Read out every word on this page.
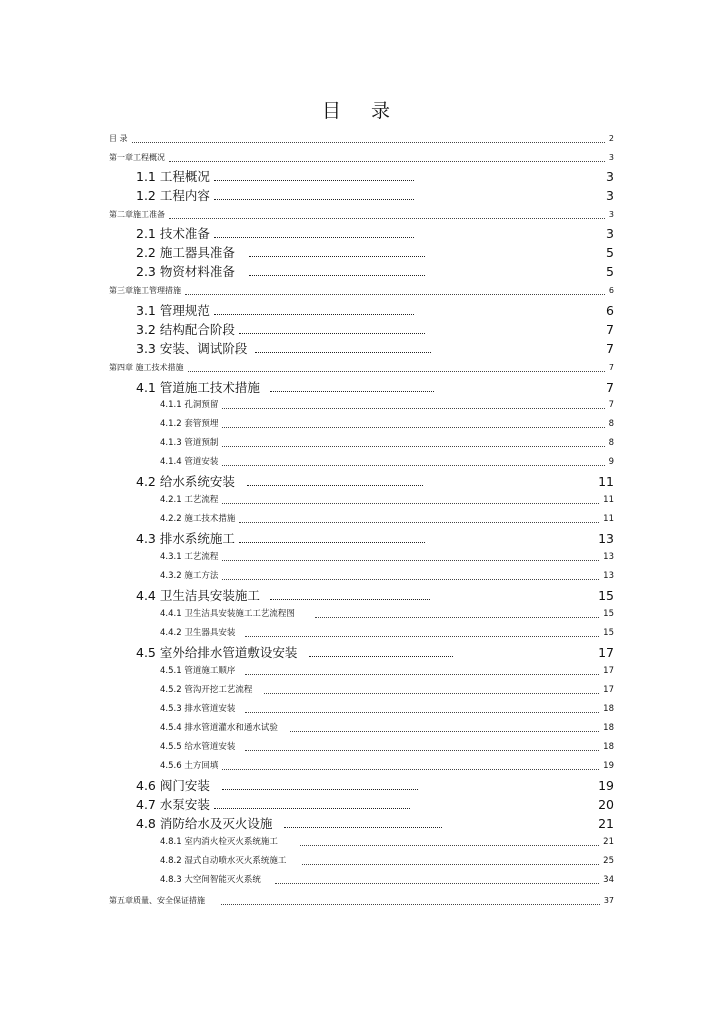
目 录
目 录	2
第一章工程概况	3
1.1 工程概况	3
1.2 工程内容	3
第二章施工准备	3
2.1 技术准备	3
2.2 施工器具准备	5
2.3 物资材料准备	5
第三章施工管理措施	6
3.1 管理规范	6
3.2 结构配合阶段	7
3.3 安装、调试阶段	7
第四章 施工技术措施	7
4.1 管道施工技术措施	7
4.1.1 孔洞预留	7
4.1.2 套管预埋	8
4.1.3 管道预制	8
4.1.4 管道安装	9
4.2 给水系统安装	11
4.2.1 工艺流程	11
4.2.2 施工技术措施	11
4.3 排水系统施工	13
4.3.1 工艺流程	13
4.3.2 施工方法	13
4.4 卫生洁具安装施工	15
4.4.1 卫生洁具安装施工工艺流程图	15
4.4.2 卫生器具安装	15
4.5 室外给排水管道敷设安装	17
4.5.1 管道施工顺序	17
4.5.2 管沟开挖工艺流程	17
4.5.3 排水管道安装	18
4.5.4 排水管道灌水和通水试验	18
4.5.5 给水管道安装	18
4.5.6 土方回填	19
4.6 阀门安装	19
4.7 水泵安装	20
4.8 消防给水及灭火设施	21
4.8.1 室内消火栓灭火系统施工	21
4.8.2 湿式自动喷水灭火系统施工	25
4.8.3 大空间智能灭火系统	34
第五章质量、安全保证措施	37
